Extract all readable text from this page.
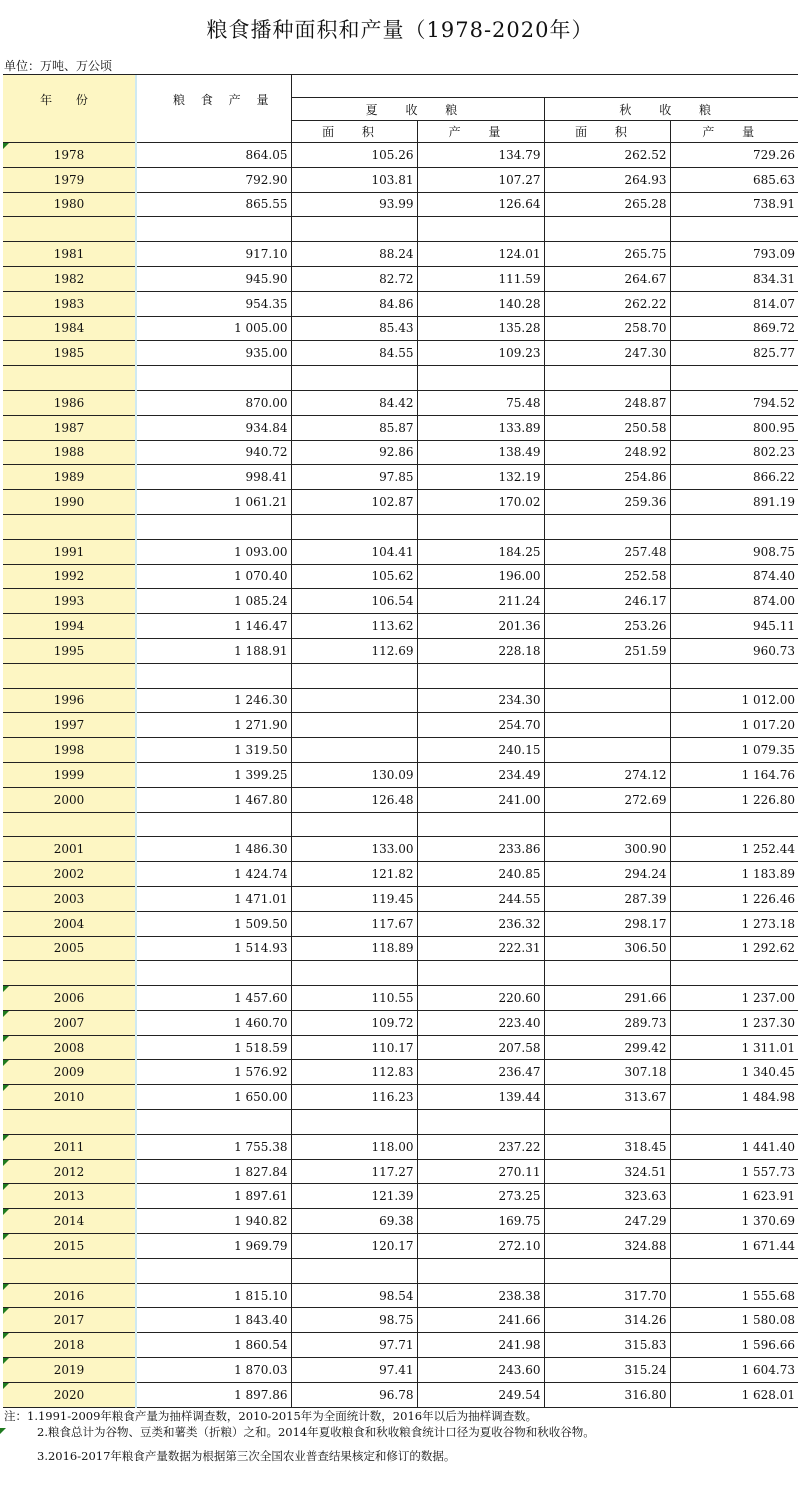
粮食播种面积和产量（1978-2020年）
单位：万吨、万公顷
年 份	粮 食 产 量				
		夏 收 粮		秋 收 粮	
		面 积	产 量	面 积	产 量

1978	864.05	105.26	134.79	262.52	729.26
1979	792.90	103.81	107.27	264.93	685.63
1980	865.55	93.99	126.64	265.28	738.91

1981	917.10	88.24	124.01	265.75	793.09
1982	945.90	82.72	111.59	264.67	834.31
1983	954.35	84.86	140.28	262.22	814.07
1984	1 005.00	85.43	135.28	258.70	869.72
1985	935.00	84.55	109.23	247.30	825.77

1986	870.00	84.42	75.48	248.87	794.52
1987	934.84	85.87	133.89	250.58	800.95
1988	940.72	92.86	138.49	248.92	802.23
1989	998.41	97.85	132.19	254.86	866.22
1990	1 061.21	102.87	170.02	259.36	891.19

1991	1 093.00	104.41	184.25	257.48	908.75
1992	1 070.40	105.62	196.00	252.58	874.40
1993	1 085.24	106.54	211.24	246.17	874.00
1994	1 146.47	113.62	201.36	253.26	945.11
1995	1 188.91	112.69	228.18	251.59	960.73

1996	1 246.30		234.30		1 012.00
1997	1 271.90		254.70		1 017.20
1998	1 319.50		240.15		1 079.35
1999	1 399.25	130.09	234.49	274.12	1 164.76
2000	1 467.80	126.48	241.00	272.69	1 226.80

2001	1 486.30	133.00	233.86	300.90	1 252.44
2002	1 424.74	121.82	240.85	294.24	1 183.89
2003	1 471.01	119.45	244.55	287.39	1 226.46
2004	1 509.50	117.67	236.32	298.17	1 273.18
2005	1 514.93	118.89	222.31	306.50	1 292.62

2006	1 457.60	110.55	220.60	291.66	1 237.00

2007	1 460.70	109.72	223.40	289.73	1 237.30

2008	1 518.59	110.17	207.58	299.42	1 311.01

2009	1 576.92	112.83	236.47	307.18	1 340.45

2010	1 650.00	116.23	139.44	313.67	1 484.98

2011	1 755.38	118.00	237.22	318.45	1 441.40

2012	1 827.84	117.27	270.11	324.51	1 557.73

2013	1 897.61	121.39	273.25	323.63	1 623.91

2014	1 940.82	69.38	169.75	247.29	1 370.69

2015	1 969.79	120.17	272.10	324.88	1 671.44

2016	1 815.10	98.54	238.38	317.70	1 555.68

2017	1 843.40	98.75	241.66	314.26	1 580.08

2018	1 860.54	97.71	241.98	315.83	1 596.66

2019	1 870.03	97.41	243.60	315.24	1 604.73

2020	1 897.86	96.78	249.54	316.80	1 628.01
注：1.1991-2009年粮食产量为抽样调查数，2010-2015年为全面统计数，2016年以后为抽样调查数。
2.粮食总计为谷物、豆类和薯类（折粮）之和。2014年夏收粮食和秋收粮食统计口径为夏收谷物和秋收谷物。
3.2016-2017年粮食产量数据为根据第三次全国农业普查结果核定和修订的数据。
